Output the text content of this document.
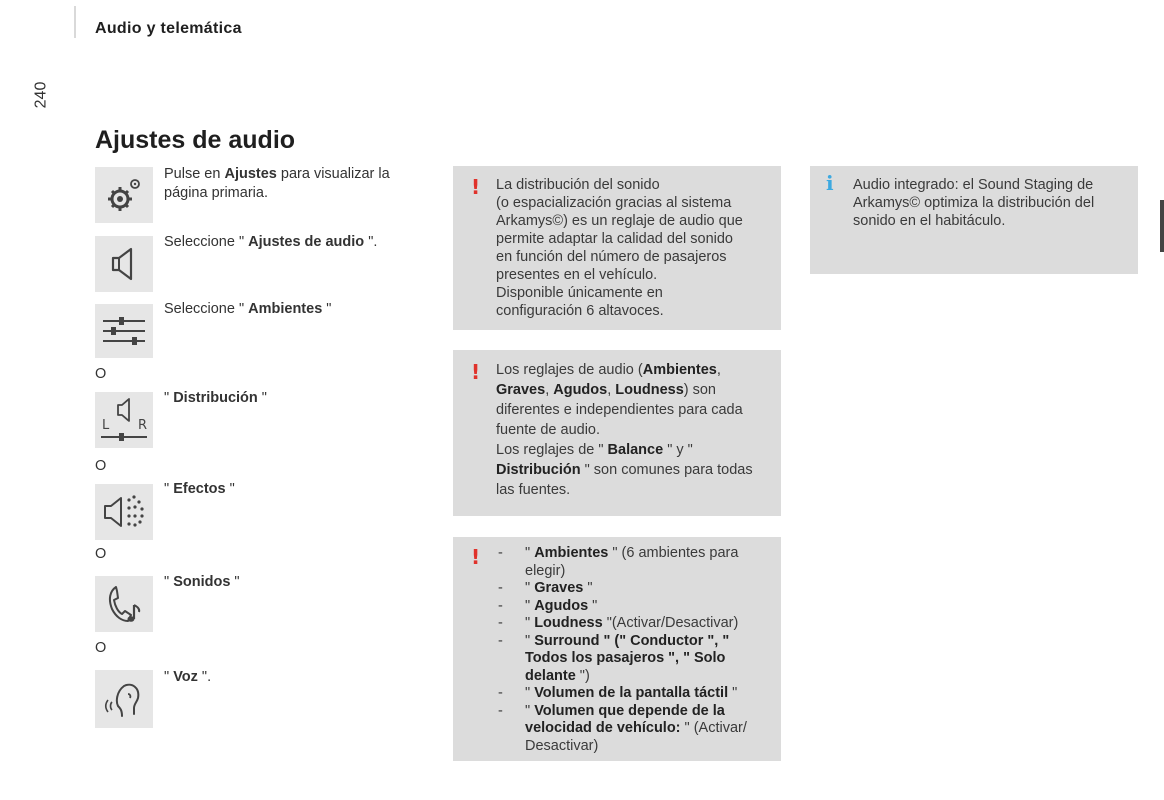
Audio y telemática
240
Ajustes de audio
Pulse en Ajustes para visualizar la página primaria.
Seleccione " Ajustes de audio ".
Seleccione " Ambientes "
O
L R
" Distribución "
O
" Efectos "
O
" Sonidos "
O
" Voz ".
! La distribución del sonido
(o espacialización gracias al sistema
Arkamys©) es un reglaje de audio que
permite adaptar la calidad del sonido
en función del número de pasajeros
presentes en el vehículo.
Disponible únicamente en
configuración 6 altavoces.
! Los reglajes de audio (Ambientes, Graves, Agudos, Loudness) son diferentes e independientes para cada fuente de audio.

Los reglajes de " Balance " y " Distribución " son comunes para todas las fuentes.

!
-	" Ambientes " (6 ambientes para elegir)
- " Graves "
- " Agudos "
- " Loudness "(Activar/Desactivar)
- " Surround " (" Conductor ", " Todos los pasajeros ", " Solo delante ")
- " Volumen de la pantalla táctil "
- " Volumen que depende de la velocidad de vehículo: " (Activar/ Desactivar)
i Audio integrado: el Sound Staging de Arkamys© optimiza la distribución del sonido en el habitáculo.
